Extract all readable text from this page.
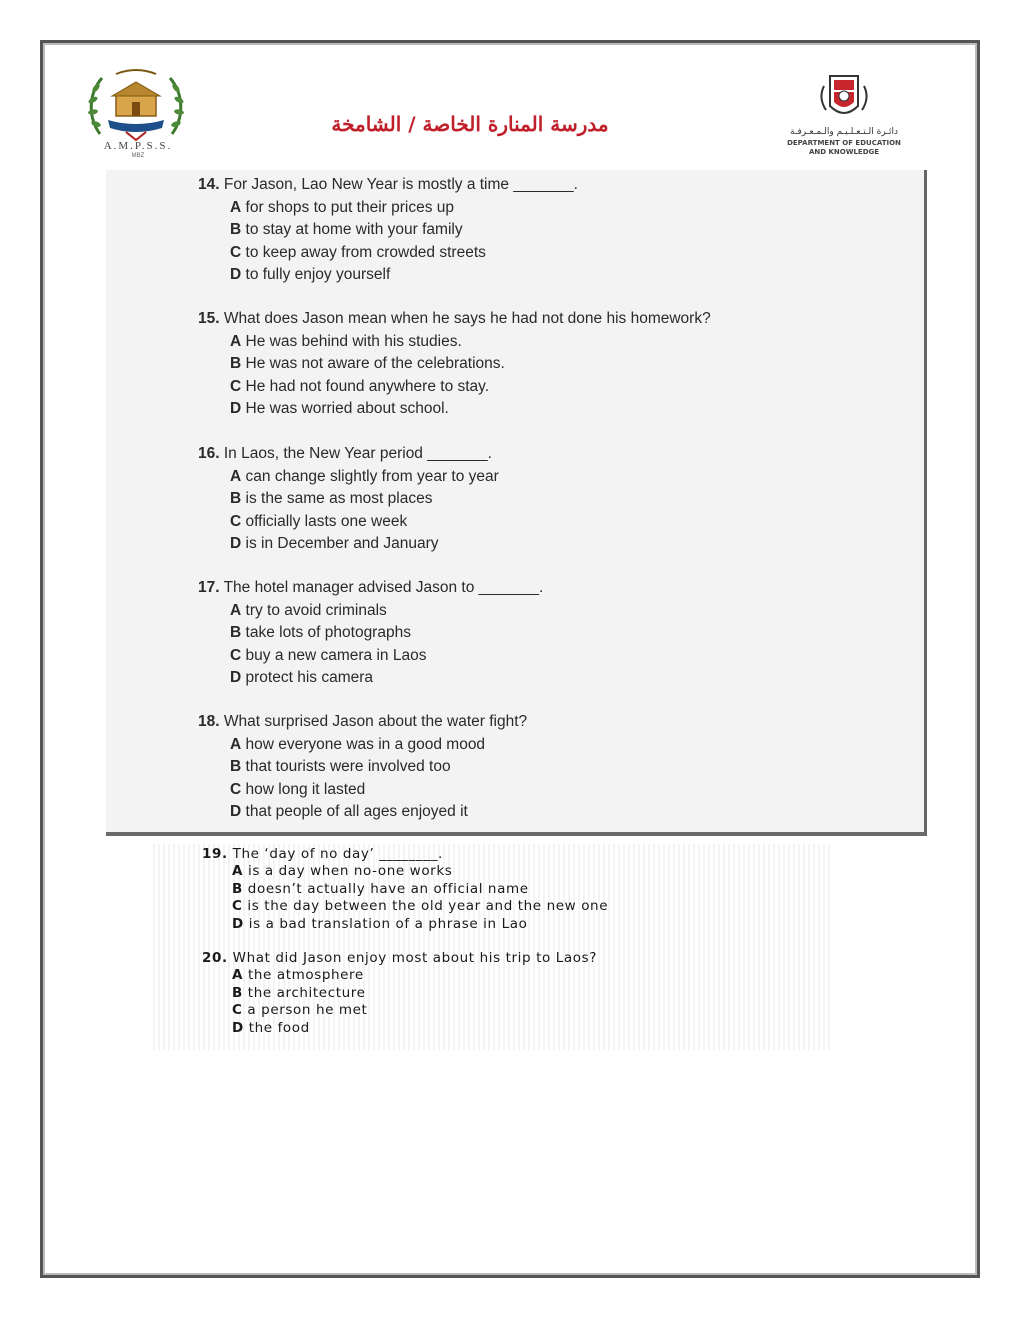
A.M.P.S.S.
MBZ
مدرسة المنارة الخاصة / الشامخة	دائـرة الـتـعـلـيـم والـمـعـرفـة
DEPARTMENT OF EDUCATION
AND KNOWLEDGE
14. For Jason, Lao New Year is mostly a time _______.
A for shops to put their prices up
B to stay at home with your family
C to keep away from crowded streets
D to fully enjoy yourself
15. What does Jason mean when he says he had not done his homework?
A He was behind with his studies.
B He was not aware of the celebrations.
C He had not found anywhere to stay.
D He was worried about school.
16. In Laos, the New Year period _______.
A can change slightly from year to year
B is the same as most places
C officially lasts one week
D is in December and January
17. The hotel manager advised Jason to _______.
A try to avoid criminals
B take lots of photographs
C buy a new camera in Laos
D protect his camera
18. What surprised Jason about the water fight?
A how everyone was in a good mood
B that tourists were involved too
C how long it lasted
D that people of all ages enjoyed it
19. The ‘day of no day’ ________.
A is a day when no-one works
B doesn’t actually have an official name
C is the day between the old year and the new one
D is a bad translation of a phrase in Lao
20. What did Jason enjoy most about his trip to Laos?
A the atmosphere
B the architecture
C a person he met
D the food
